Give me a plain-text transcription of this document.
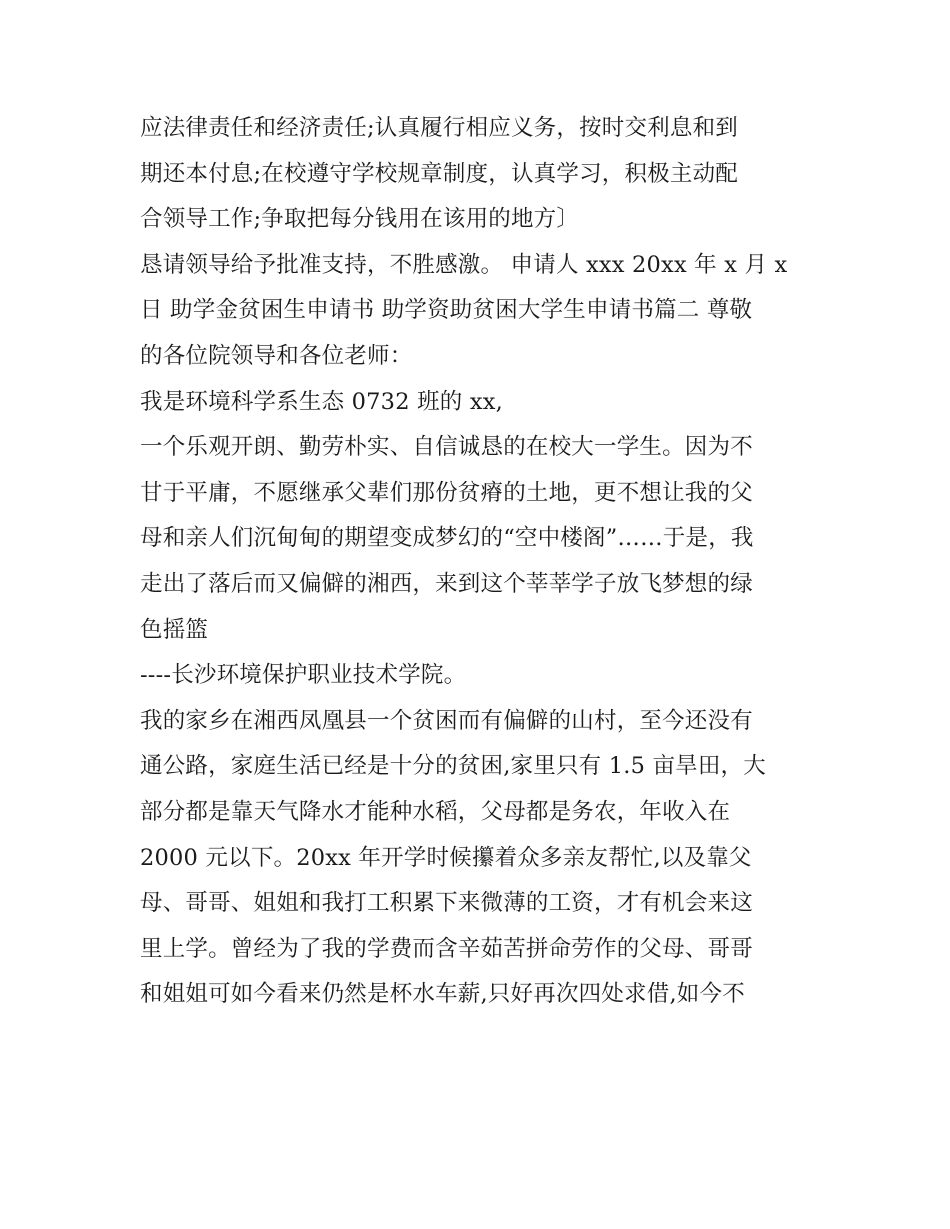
应法律责任和经济责任;认真履行相应义务，按时交利息和到
期还本付息;在校遵守学校规章制度，认真学习，积极主动配
合领导工作;争取把每分钱用在该用的地方〕
恳请领导给予批准支持，不胜感激。 申请人 xxx 20xx 年 x 月 x
日 助学金贫困生申请书 助学资助贫困大学生申请书篇二 尊敬
的各位院领导和各位老师：
我是环境科学系生态 0732 班的 xx,
一个乐观开朗、勤劳朴实、自信诚恳的在校大一学生。因为不
甘于平庸，不愿继承父辈们那份贫瘠的土地，更不想让我的父
母和亲人们沉甸甸的期望变成梦幻的“空中楼阁”……于是，我
走出了落后而又偏僻的湘西，来到这个莘莘学子放飞梦想的绿
色摇篮
----长沙环境保护职业技术学院。
我的家乡在湘西凤凰县一个贫困而有偏僻的山村，至今还没有
通公路，家庭生活已经是十分的贫困,家里只有 1.5 亩旱田，大
部分都是靠天气降水才能种水稻，父母都是务农，年收入在
2000 元以下。20xx 年开学时候攥着众多亲友帮忙,以及靠父
母、哥哥、姐姐和我打工积累下来微薄的工资，才有机会来这
里上学。曾经为了我的学费而含辛茹苦拼命劳作的父母、哥哥
和姐姐可如今看来仍然是杯水车薪,只好再次四处求借,如今不
